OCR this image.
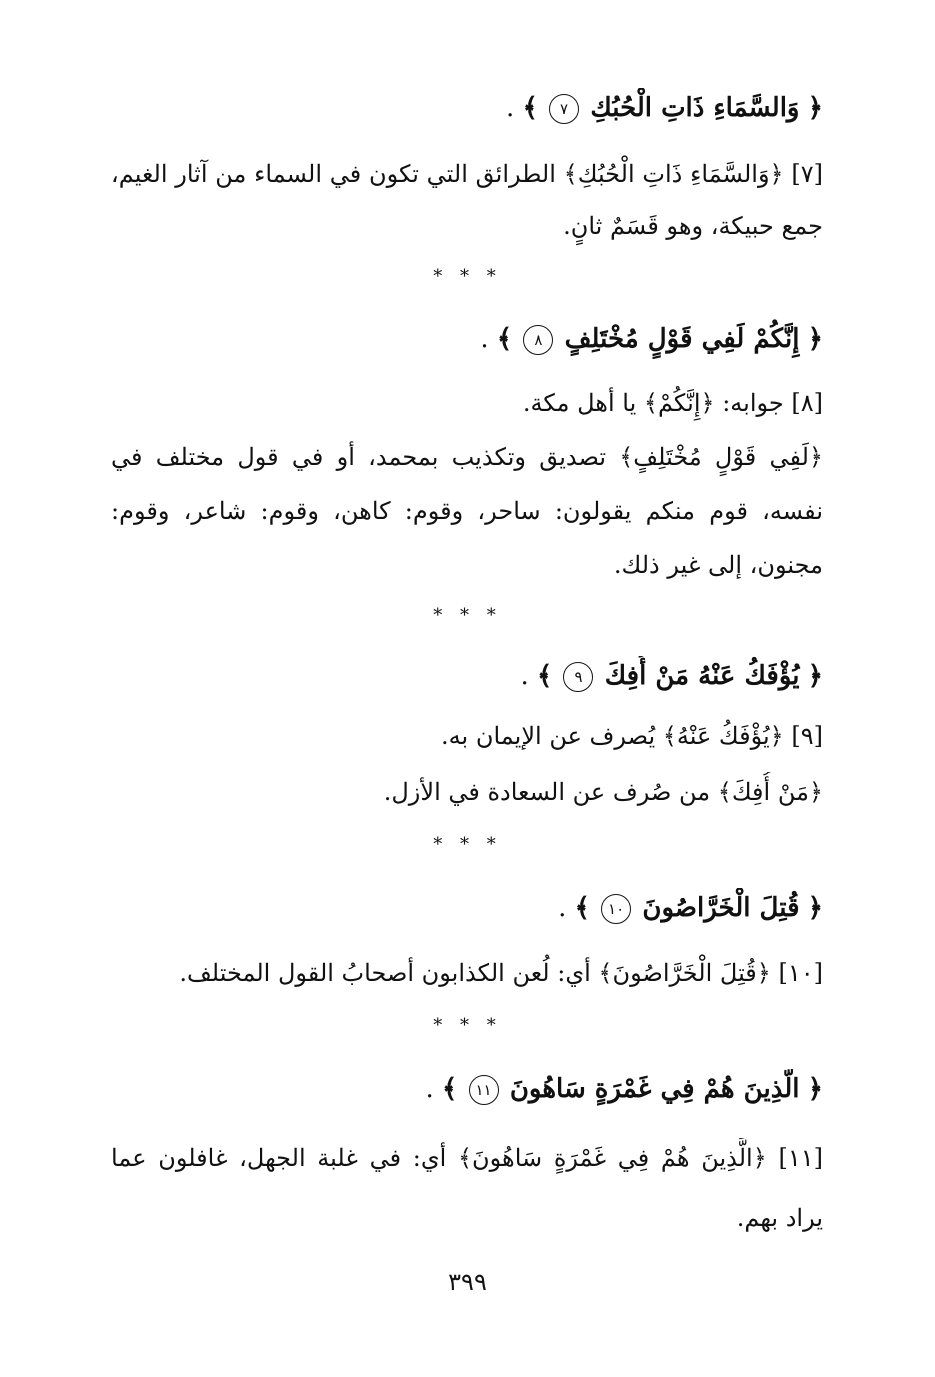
﴿ وَالسَّمَاءِ ذَاتِ الْحُبُكِ ٧ ﴾ .
[٧] ﴿وَالسَّمَاءِ ذَاتِ الْحُبُكِ﴾ الطرائق التي تكون في السماء من آثار الغيم،
جمع حبيكة، وهو قَسَمٌ ثانٍ.
* * *
﴿ إِنَّكُمْ لَفِي قَوْلٍ مُخْتَلِفٍ ٨ ﴾ .
[٨] جوابه: ﴿إِنَّكُمْ﴾ يا أهل مكة.
﴿لَفِي قَوْلٍ مُخْتَلِفٍ﴾ تصديق وتكذيب بمحمد، أو في قول مختلف في
نفسه، قوم منكم يقولون: ساحر، وقوم: كاهن، وقوم: شاعر، وقوم:
مجنون، إلى غير ذلك.
* * *
﴿ يُؤْفَكُ عَنْهُ مَنْ أُفِكَ ٩ ﴾ .
[٩] ﴿يُؤْفَكُ عَنْهُ﴾ يُصرف عن الإيمان به.
﴿مَنْ أُفِكَ﴾ من صُرف عن السعادة في الأزل.
* * *
﴿ قُتِلَ الْخَرَّاصُونَ ١٠ ﴾ .
[١٠] ﴿قُتِلَ الْخَرَّاصُونَ﴾ أي: لُعن الكذابون أصحابُ القول المختلف.
* * *
﴿ الَّذِينَ هُمْ فِي غَمْرَةٍ سَاهُونَ ١١ ﴾ .
[١١] ﴿الَّذِينَ هُمْ فِي غَمْرَةٍ سَاهُونَ﴾ أي: في غلبة الجهل، غافلون عما
يراد بهم.
٣٩٩
